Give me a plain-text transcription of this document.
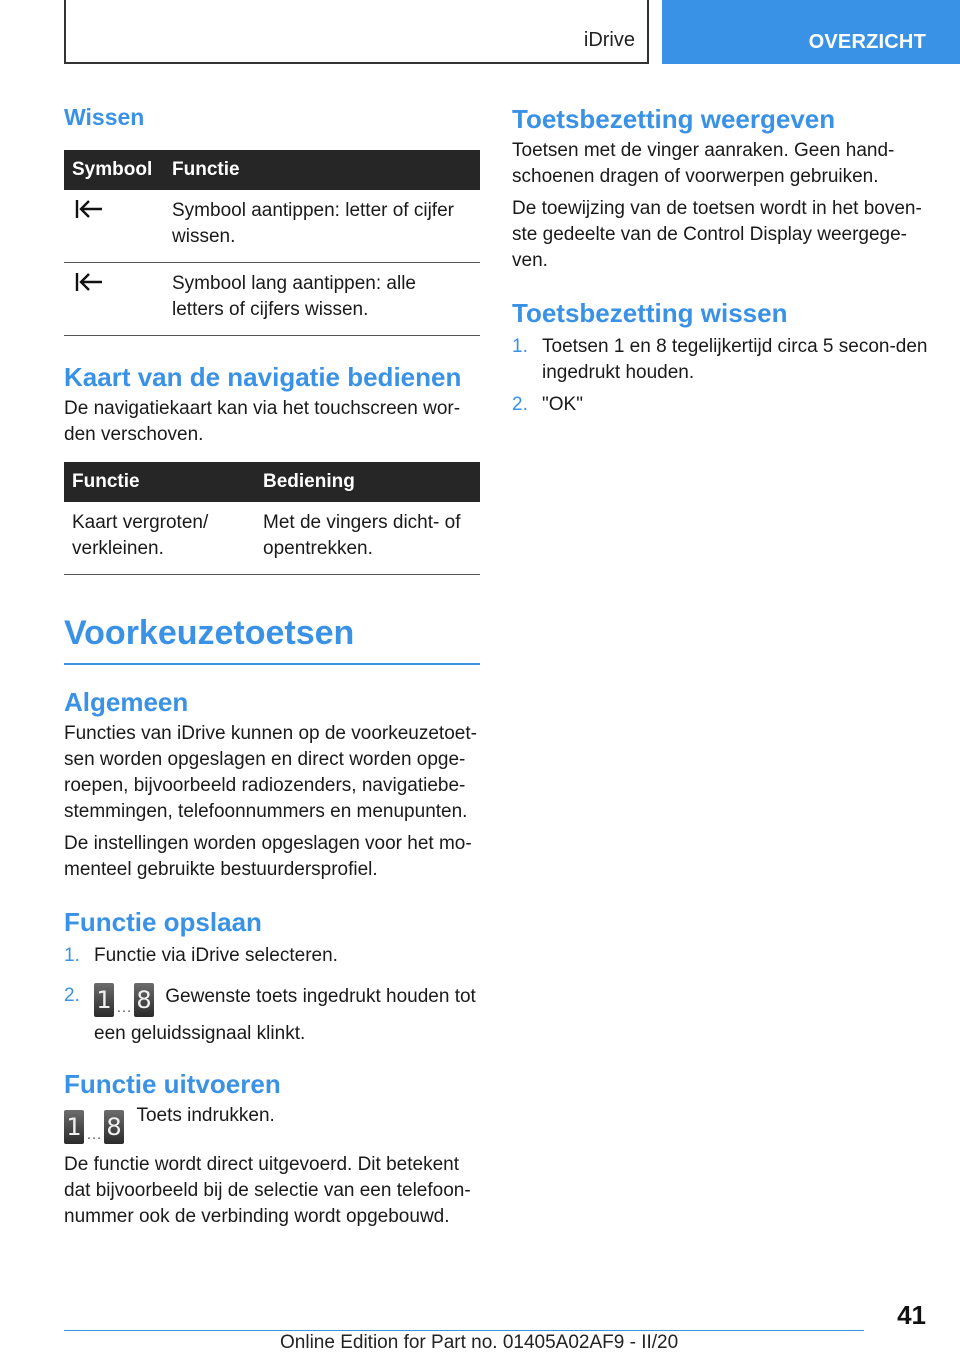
iDrive	OVERZICHT
Wissen
Symbool	Functie

	Symbool aantippen: letter of cijfer wissen.

	Symbool lang aantippen: alle letters of cijfers wissen.
Kaart van de navigatie bedienen

De navigatiekaart kan via het touchscreen wor-den verschoven.

Functie	Bediening
Kaart vergroten/ verkleinen.	Met de vingers dicht- of opentrekken.
Voorkeuzetoetsen
Algemeen

Functies van iDrive kunnen op de voorkeuzetoet-sen worden opgeslagen en direct worden opge-roepen, bijvoorbeeld radiozenders, navigatiebe-stemmingen, telefoonnummers en menupunten.

De instellingen worden opgeslagen voor het mo-menteel gebruikte bestuurdersprofiel.

Functie opslaan
1. Functie via iDrive selecteren.
2. 1 … 8 Gewenste toets ingedrukt houden tot een geluidssignaal klinkt.
Functie uitvoeren
1 … 8 Toets indrukken.

De functie wordt direct uitgevoerd. Dit betekent dat bijvoorbeeld bij de selectie van een telefoon-nummer ook de verbinding wordt opgebouwd.

Toetsbezetting weergeven

Toetsen met de vinger aanraken. Geen hand-schoenen dragen of voorwerpen gebruiken.

De toewijzing van de toetsen wordt in het boven-ste gedeelte van de Control Display weergege-ven.

Toetsbezetting wissen
1. Toetsen 1 en 8 tegelijkertijd circa 5 secon-den ingedrukt houden.
2. "OK"
41
Online Edition for Part no. 01405A02AF9 - II/20
